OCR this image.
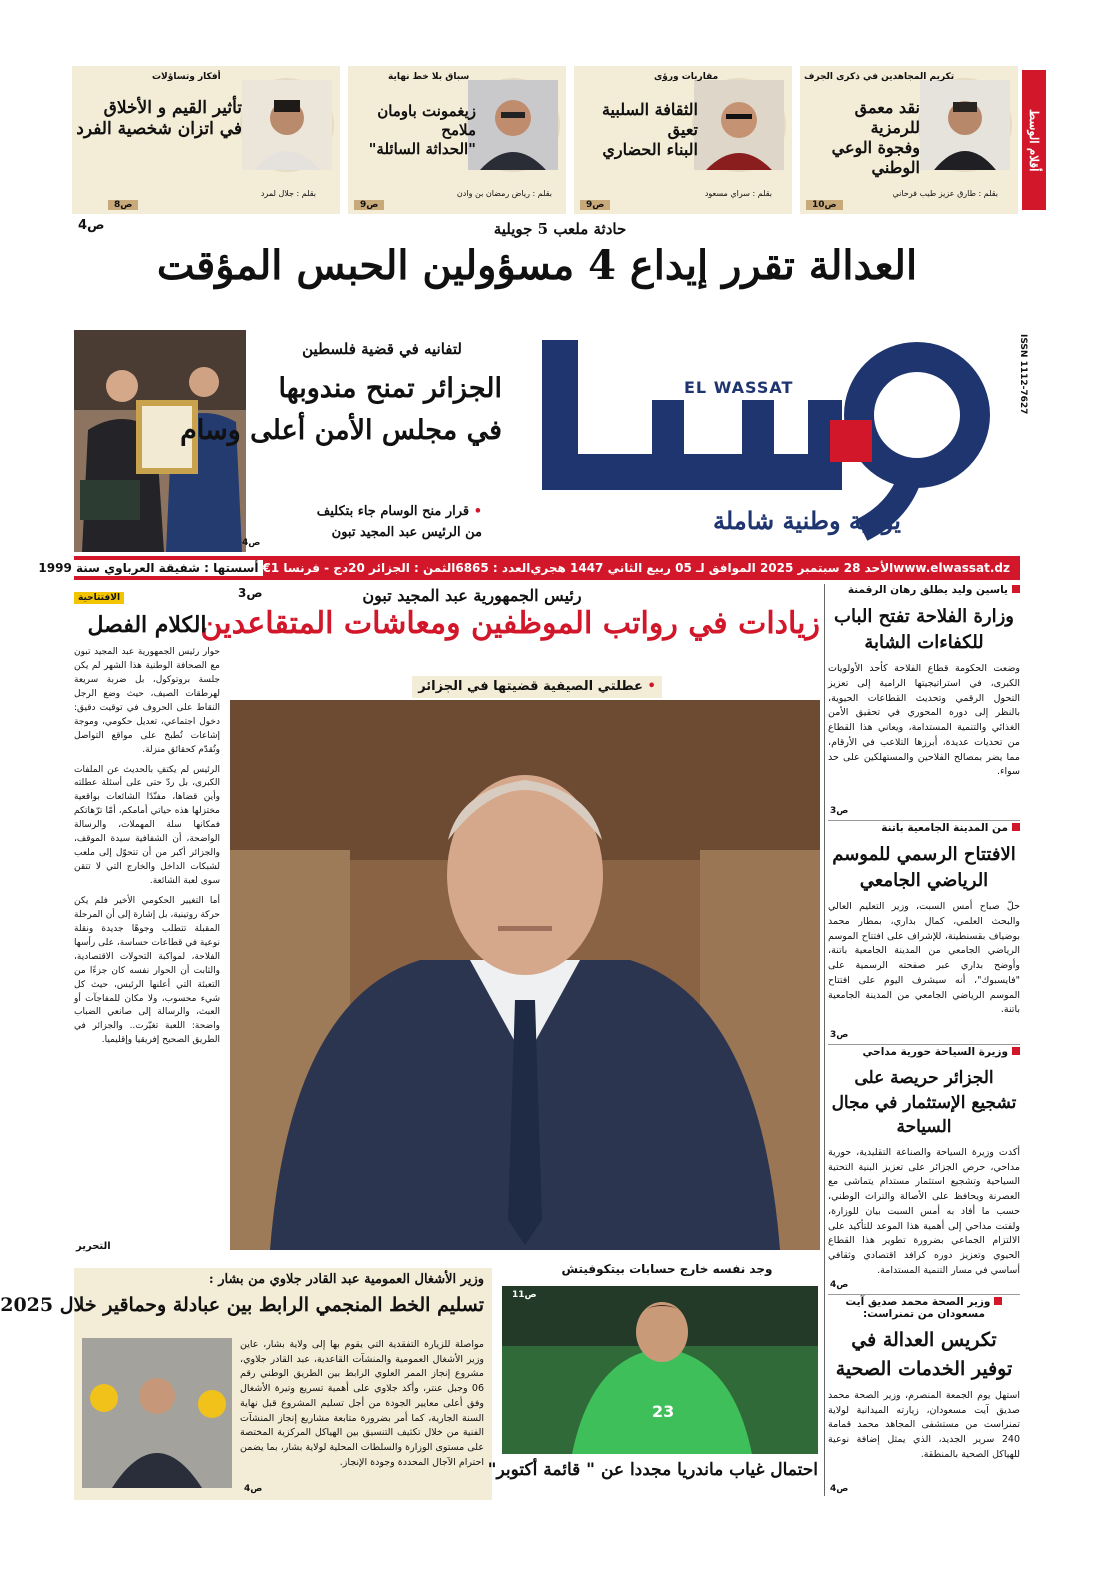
أقلام الوسط
تكريم المجاهدين في ذكرى الجرف
نقد معمق للرمزية
وفجوة الوعي الوطني
بقلم : طارق عزيز طيب فرحاني
ص10
مقاربات ورؤى
الثقافة السلبية تعيق
البناء الحضاري
بقلم : سراي مسعود
ص9
سباق بلا خط نهاية
زيغمونت باومان ملامح
"الحداثة السائلة"
بقلم : رياض رمضان بن وادن
ص9
أفكار وتساؤلات
تأثير القيم و الأخلاق
في اتزان شخصية الفرد
بقلم : جلال لمرد
ص8
حادثة ملعب 5 جويلية
ص4
العدالة تقرر إيداع 4 مسؤولين الحبس المؤقت
EL WASSAT	ISSN 1112-7627
يومية وطنية شاملة
لتفانيه في قضية فلسطين
الجزائر تمنح مندوبها
في مجلس الأمن أعلى وسام
• قرار منح الوسام جاء بتكليف
من الرئيس عبد المجيد تبون
ص4
www.elwassat.dz
الأحد 28 سبتمبر 2025 الموافق لـ 05 ربيع الثاني 1447 هجري
العدد : 6865
الثمن : الجزائر 20دج - فرنسا 1€
أسستها : شفيقة العرباوي سنة 1999
ياسين وليد يطلق رهان الرقمنة
وزارة الفلاحة تفتح الباب للكفاءات الشابة
وضعت الحكومة قطاع الفلاحة كأحد الأولويات الكبرى، في استراتيجيتها الرامية إلى تعزيز التحول الرقمي وتحديث القطاعات الحيوية، بالنظر إلى دوره المحوري في تحقيق الأمن الغذائي والتنمية المستدامة، ويعاني هذا القطاع من تحديات عديدة، أبرزها التلاعب في الأرقام، مما يضر بمصالح الفلاحين والمستهلكين على حد سواء.
ص3
من المدينة الجامعية باتنة
الافتتاح الرسمي للموسم الرياضي الجامعي
حلّ صباح أمس السبت، وزير التعليم العالي والبحث العلمي، كمال بداري، بمطار محمد بوضياف بقسنطينة، للإشراف على افتتاح الموسم الرياضي الجامعي من المدينة الجامعية باتنة، وأوضح بداري عبر صفحته الرسمية على "فايسبوك"، أنه سيشرف اليوم على افتتاح الموسم الرياضي الجامعي من المدينة الجامعية باتنة.
ص3
وزيرة السياحة حورية مداحي
الجزائر حريصة على تشجيع الإستثمار في مجال السياحة
أكدت وزيرة السياحة والصناعة التقليدية، حورية مداحي، حرص الجزائر على تعزيز البنية التحتية السياحية وتشجيع استثمار مستدام يتماشى مع العصرنة ويحافظ على الأصالة والتراث الوطني، حسب ما أفاد به أمس السبت بيان للوزارة، ولفتت مداحي إلى أهمية هذا الموعد للتأكيد على الالتزام الجماعي بضرورة تطوير هذا القطاع الحيوي وتعزيز دوره كرافد اقتصادي وثقافي أساسي في مسار التنمية المستدامة.
ص4
وزير الصحة محمد صديق آيت مسعودان من تمنراست:
تكريس العدالة في توفير الخدمات الصحية
استهل يوم الجمعة المنصرم، وزير الصحة محمد صديق آيت مسعودان، زيارته الميدانية لولاية تمنراست من مستشفى المجاهد محمد قمامة 240 سرير الجديد، الذي يمثل إضافة نوعية للهياكل الصحية بالمنطقة.
ص4
رئيس الجمهورية عبد المجيد تبون
ص3
زيادات في رواتب الموظفين ومعاشات المتقاعدين
• عطلتي الصيفية قضيتها في الجزائر
الافتتاحية
الكلام الفصل

حوار رئيس الجمهورية عبد المجيد تبون مع الصحافة الوطنية هذا الشهر لم يكن جلسة بروتوكول، بل ضربة سريعة لهرطقات الصيف، حيث وضع الرجل النقاط على الحروف في توقيت دقيق: دخول اجتماعي، تعديل حكومي، وموجة إشاعات تُطبخ على مواقع التواصل وتُقدّم كحقائق منزلة.

الرئيس لم يكتفِ بالحديث عن الملفات الكبرى، بل ردّ حتى على أسئلة عطلته وأين قضاها، مفنّدًا الشائعات بواقعية مختزلها هذه حياتي أمامكم، أمّا ترّهاتكم فمكانها سلة المهملات، والرسالة الواضحة، أن الشفافية سيدة الموقف، والجزائر أكبر من أن تتحوّل إلى ملعب لشبكات الداخل والخارج التي لا تتقن سوى لعبة الشائعة.

أما التغيير الحكومي الأخير فلم يكن حركة روتينية، بل إشارة إلى أن المرحلة المقبلة تتطلب وجوهًا جديدة ونقلة نوعية في قطاعات حساسة، على رأسها الفلاحة، لمواكبة التحولات الاقتصادية، والثابت أن الحوار نفسه كان جزءًا من التعبئة التي أعلنها الرئيس، حيث كل شيء محسوب، ولا مكان للمفاجآت أو العبث، والرسالة إلى صانعي الضباب واضحة: اللعبة تغيّرت.. والجزائر في الطريق الصحيح إفريقيا وإقليميا.

التحرير
وزير الأشغال العمومية عبد القادر جلاوي من بشار :
تسليم الخط المنجمي الرابط بين عبادلة وحماقير خلال 2025
مواصلة للزيارة التفقدية التي يقوم بها إلى ولاية بشار، عاين وزير الأشغال العمومية والمنشآت القاعدية، عبد القادر جلاوي، مشروع إنجاز الممر العلوي الرابط بين الطريق الوطني رقم 06 وجبل عنتر، وأكد جلاوي على أهمية تسريع وتيرة الأشغال وفق أعلى معايير الجودة من أجل تسليم المشروع قبل نهاية السنة الجارية، كما أمر بضرورة متابعة مشاريع إنجاز المنشآت الفنية من خلال تكثيف التنسيق بين الهياكل المركزية المختصة على مستوى الوزارة والسلطات المحلية لولاية بشار، بما يضمن احترام الآجال المحددة وجودة الإنجاز.
ص4
وجد نفسه خارج حسابات بيتكوفيتش
23
ص11
احتمال غياب ماندريا مجددا عن " قائمة أكتوبر"
